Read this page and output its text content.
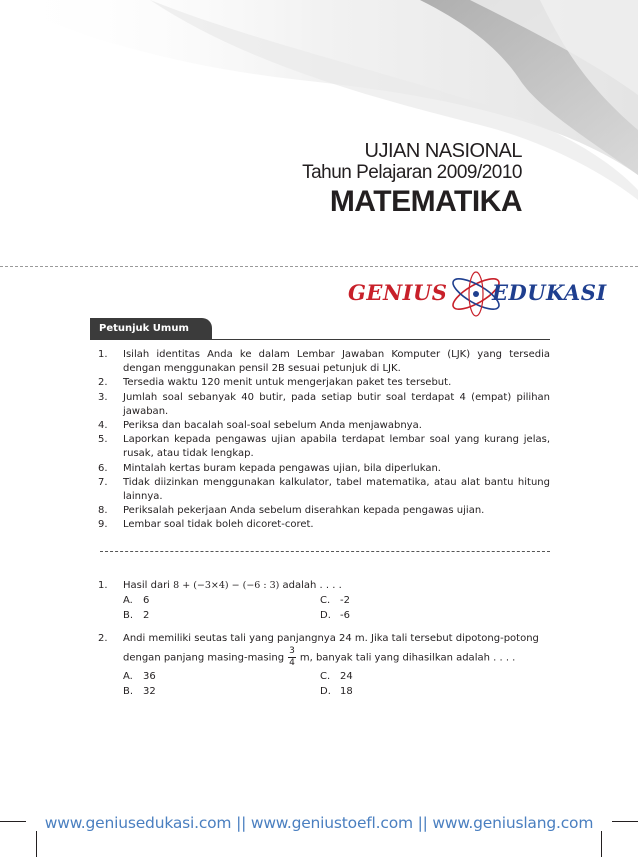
UJIAN NASIONAL
Tahun Pelajaran 2009/2010
MATEMATIKA
GENIUS EDUKASI
Petunjuk Umum
1. Isilah identitas Anda ke dalam Lembar Jawaban Komputer (LJK) yang tersedia dengan menggunakan pensil 2B sesuai petunjuk di LJK.
2. Tersedia waktu 120 menit untuk mengerjakan paket tes tersebut.
3. Jumlah soal sebanyak 40 butir, pada setiap butir soal terdapat 4 (empat) pilihan jawaban.
4. Periksa dan bacalah soal-soal sebelum Anda menjawabnya.
5. Laporkan kepada pengawas ujian apabila terdapat lembar soal yang kurang jelas, rusak, atau tidak lengkap.
6. Mintalah kertas buram kepada pengawas ujian, bila diperlukan.
7. Tidak diizinkan menggunakan kalkulator, tabel matematika, atau alat bantu hitung lainnya.
8. Periksalah pekerjaan Anda sebelum diserahkan kepada pengawas ujian.
9. Lembar soal tidak boleh dicoret-coret.
1.	Hasil dari 8 + (−3×4) − (−6 : 3) adalah . . . .
A. 6
B. 2
C. -2
D. -6
2.	Andi memiliki seutas tali yang panjangnya 24 m. Jika tali tersebut dipotong-potong
dengan panjang $masing-masing \frac{3}{4} m$, banyak tali yang dihasilkan adalah . . . .
A. 36
B. 32
C. 24
D. 18
www.geniusedukasi.com || www.geniustoefl.com || www.geniuslang.com
